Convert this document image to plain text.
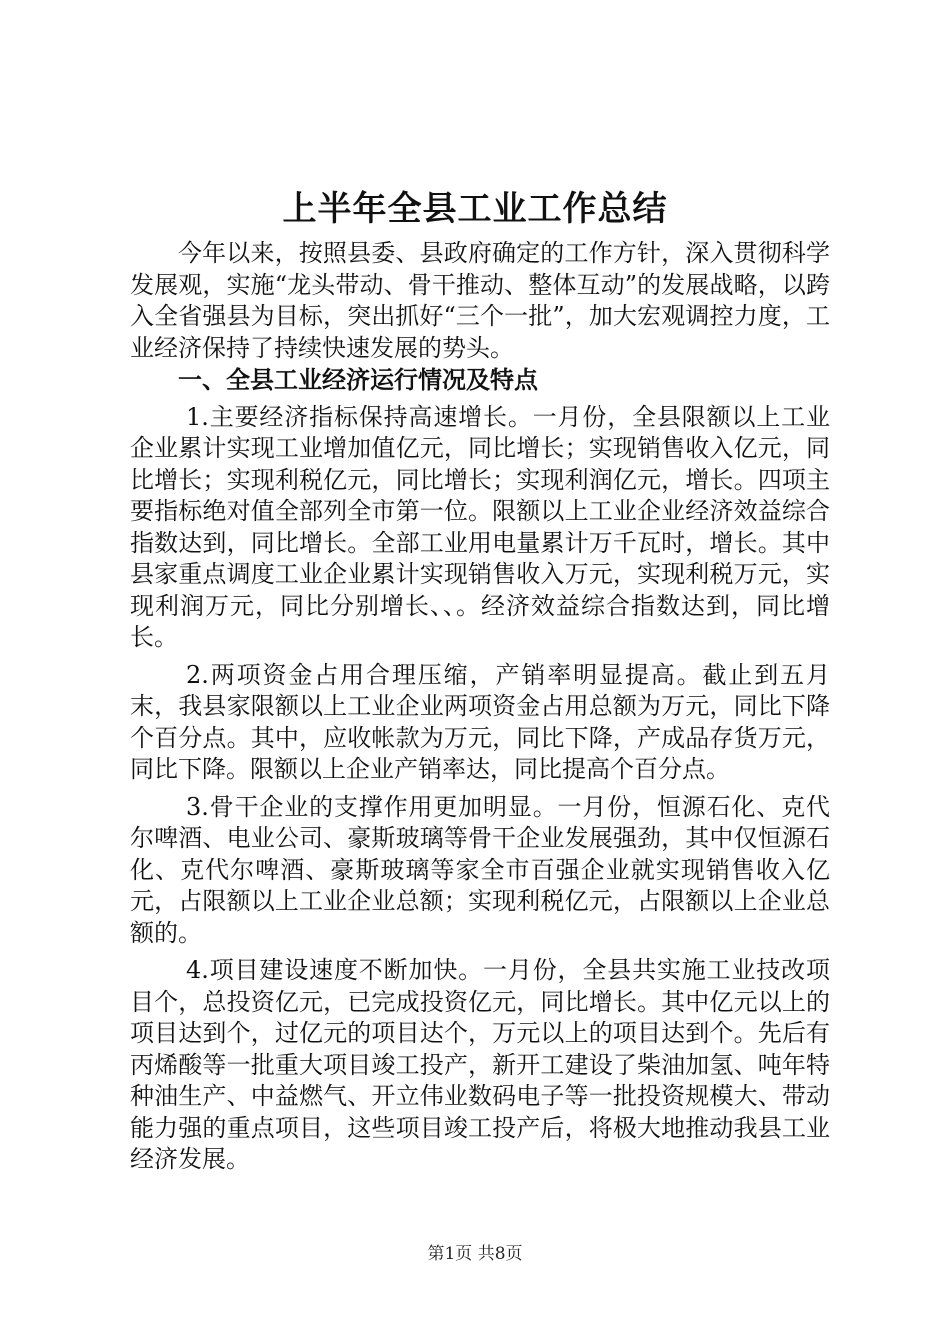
上半年全县工业工作总结

今年以来，按照县委、县政府确定的工作方针，深入贯彻科学发展观，实施“龙头带动、骨干推动、整体互动”的发展战略，以跨入全省强县为目标，突出抓好“三个一批”，加大宏观调控力度，工业经济保持了持续快速发展的势头。

一、全县工业经济运行情况及特点

1.主要经济指标保持高速增长。一月份，全县限额以上工业企业累计实现工业增加值亿元，同比增长；实现销售收入亿元，同比增长；实现利税亿元，同比增长；实现利润亿元，增长。四项主要指标绝对值全部列全市第一位。限额以上工业企业经济效益综合指数达到，同比增长。全部工业用电量累计万千瓦时，增长。其中县家重点调度工业企业累计实现销售收入万元，实现利税万元，实现利润万元，同比分别增长、、。经济效益综合指数达到，同比增长。

2.两项资金占用合理压缩，产销率明显提高。截止到五月末，我县家限额以上工业企业两项资金占用总额为万元，同比下降个百分点。其中，应收帐款为万元，同比下降，产成品存货万元，同比下降。限额以上企业产销率达，同比提高个百分点。

3.骨干企业的支撑作用更加明显。一月份，恒源石化、克代尔啤酒、电业公司、豪斯玻璃等骨干企业发展强劲，其中仅恒源石化、克代尔啤酒、豪斯玻璃等家全市百强企业就实现销售收入亿元，占限额以上工业企业总额；实现利税亿元，占限额以上企业总额的。

4.项目建设速度不断加快。一月份，全县共实施工业技改项目个，总投资亿元，已完成投资亿元，同比增长。其中亿元以上的项目达到个，过亿元的项目达个，万元以上的项目达到个。先后有丙烯酸等一批重大项目竣工投产，新开工建设了柴油加氢、吨年特种油生产、中益燃气、开立伟业数码电子等一批投资规模大、带动能力强的重点项目，这些项目竣工投产后，将极大地推动我县工业经济发展。

第1页 共8页
